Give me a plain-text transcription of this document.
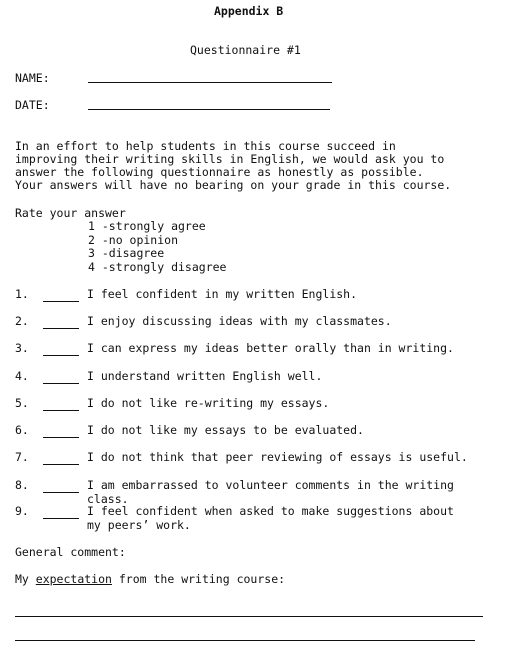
Appendix B
Questionnaire #1
NAME:
DATE:
In an effort to help students in this course succeed in
improving their writing skills in English, we would ask you to
answer the following questionnaire as honestly as possible.
Your answers will have no bearing on your grade in this course.
Rate your answer
1 -strongly agree
2 -no opinion
3 -disagree
4 -strongly disagree
1.	I feel confident in my written English.
2.	I enjoy discussing ideas with my classmates.
3.	I can express my ideas better orally than in writing.
4.	I understand written English well.
5.	I do not like re-writing my essays.
6.	I do not like my essays to be evaluated.
7.	I do not think that peer reviewing of essays is useful.
8.	I am embarrassed to volunteer comments in the writing
class.
9.	I feel confident when asked to make suggestions about
my peers’ work.
General comment:
My expectation from the writing course:
